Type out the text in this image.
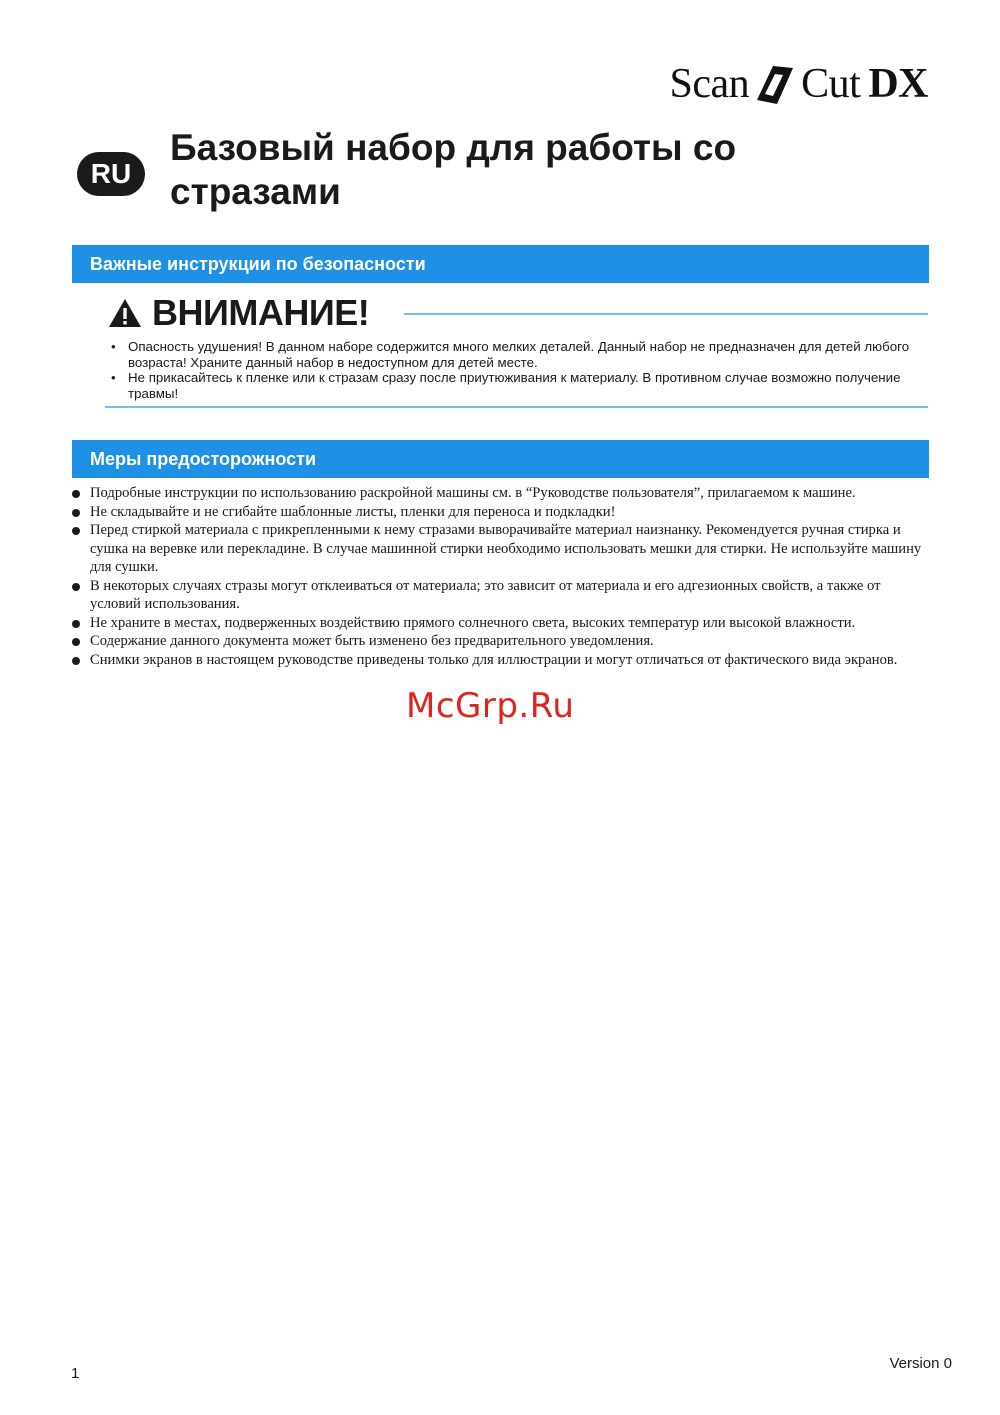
Scan Cut DX
RU
Базовый набор для работы со стразами
Важные инструкции по безопасности
ВНИМАНИЕ!
• Опасность удушения! В данном наборе содержится много мелких деталей. Данный набор не предназначен для детей любого возраста! Храните данный набор в недоступном для детей месте.
• Не прикасайтесь к пленке или к стразам сразу после приутюживания к материалу. В противном случае возможно получение травмы!
Меры предосторожности
Подробные инструкции по использованию раскройной машины см. в “Руководстве пользователя”, прилагаемом к машине.
Не складывайте и не сгибайте шаблонные листы, пленки для переноса и подкладки!
Перед стиркой материала с прикрепленными к нему стразами выворачивайте материал наизнанку. Рекомендуется ручная стирка и сушка на веревке или перекладине. В случае машинной стирки необходимо использовать мешки для стирки. Не используйте машину для сушки.
В некоторых случаях стразы могут отклеиваться от материала; это зависит от материала и его адгезионных свойств, а также от условий использования.
Не храните в местах, подверженных воздействию прямого солнечного света, высоких температур или высокой влажности.
Содержание данного документа может быть изменено без предварительного уведомления.
Снимки экранов в настоящем руководстве приведены только для иллюстрации и могут отличаться от фактического вида экранов.
McGrp.Ru
1
Version 0
